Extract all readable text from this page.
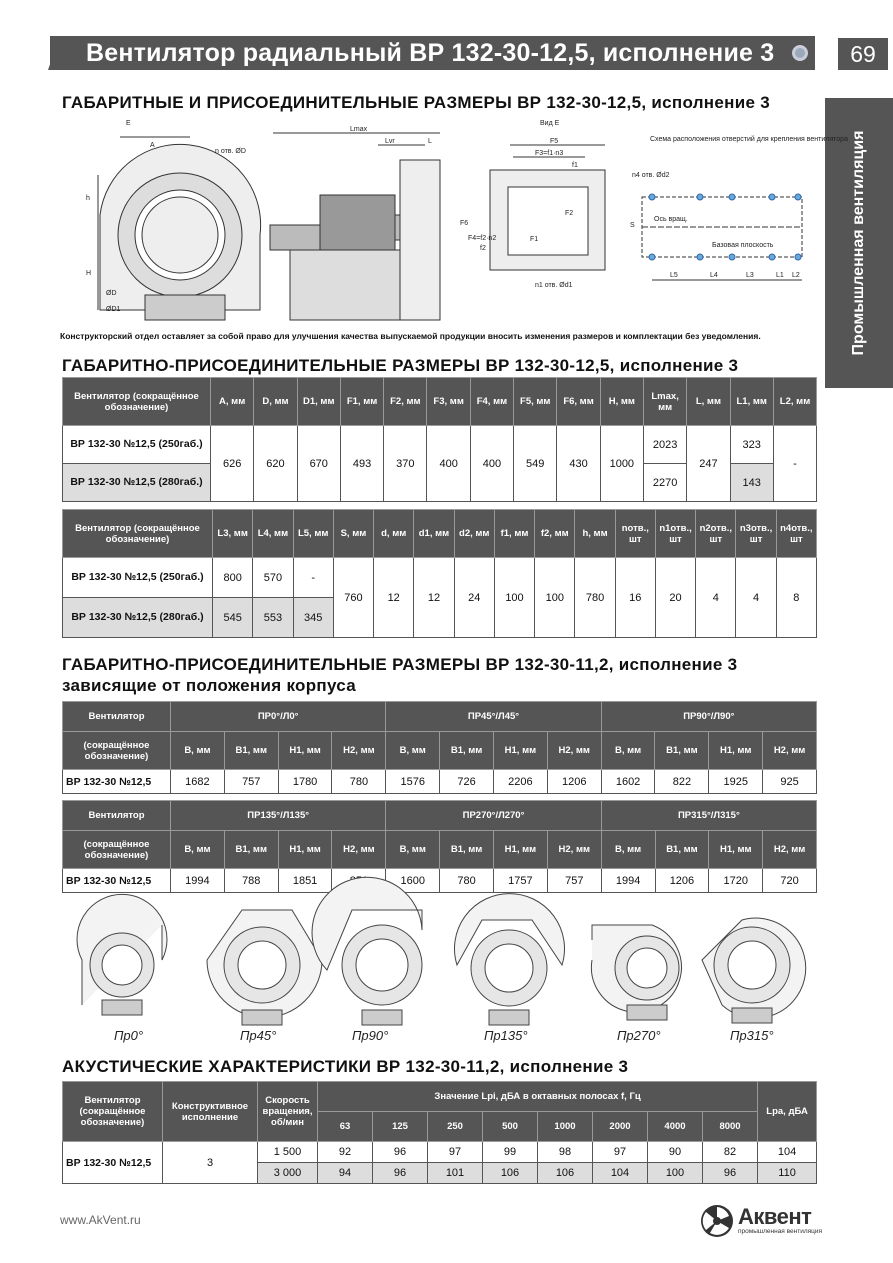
Вентилятор радиальный ВР 132-30-12,5, исполнение 3	69
Промышленная вентиляция
ГАБАРИТНЫЕ И ПРИСОЕДИНИТЕЛЬНЫЕ РАЗМЕРЫ ВР 132-30-12,5, исполнение 3
E
A
n отв. ØD
h
H
ØD
ØD1
Lmax
Lvr	L
Вид E
F5
F3=f1·n3
f1
F6
F4=f2·n2
f2
F2
F1
n1 отв. Ød1
Схема расположения отверстий для крепления вентилятора
n4 отв. Ød2
S
Ось вращ.
Базовая плоскость
L5	L4	L3	L1 L2
Конструкторский отдел оставляет за собой право для улучшения качества выпускаемой продукции вносить изменения размеров и комплектации без уведомления.
ГАБАРИТНО-ПРИСОЕДИНИТЕЛЬНЫЕ РАЗМЕРЫ ВР 132-30-12,5, исполнение 3
Вентилятор (сокращённое обозначение)	A, мм	D, мм	D1, мм	F1, мм	F2, мм	F3, мм	F4, мм	F5, мм	F6, мм	H, мм	Lmax, мм	L, мм	L1, мм	L2, мм
ВР 132-30 №12,5 (250габ.)	626	620	670	493	370	400	400	549	430	1000	2023	247	323	-
ВР 132-30 №12,5 (280габ.)											2270		143	
Вентилятор (сокращённое обозначение)	L3, мм	L4, мм	L5, мм	S, мм	d, мм	d1, мм	d2, мм	f1, мм	f2, мм	h, мм	nотв., шт	n1отв., шт	n2отв., шт	n3отв., шт	n4отв., шт
ВР 132-30 №12,5 (250габ.)	800	570	-	760	12	12	24	100	100	780	16	20	4	4	8
ВР 132-30 №12,5 (280габ.)	545	553	345												
ГАБАРИТНО-ПРИСОЕДИНИТЕЛЬНЫЕ РАЗМЕРЫ ВР 132-30-11,2, исполнение 3
зависящие от положения корпуса
Вентилятор	ПР0°/Л0°				ПР45°/Л45°				ПР90°/Л90°			
(сокращённое обозначение)	В, мм	В1, мм	Н1, мм	Н2, мм	В, мм	В1, мм	Н1, мм	Н2, мм	В, мм	В1, мм	Н1, мм	Н2, мм
ВР 132-30 №12,5	1682	757	1780	780	1576	726	2206	1206	1602	822	1925	925
Вентилятор	ПР135°/Л135°				ПР270°/Л270°				ПР315°/Л315°			
(сокращённое обозначение)	В, мм	В1, мм	Н1, мм	Н2, мм	В, мм	В1, мм	Н1, мм	Н2, мм	В, мм	В1, мм	Н1, мм	Н2, мм
ВР 132-30 №12,5	1994	788	1851		1600	780	1757	757	1994	1206	1720	720
Пр0°	Пр45°	Пр90°	Пр135°	Пр270°	Пр315°
АКУСТИЧЕСКИЕ ХАРАКТЕРИСТИКИ ВР 132-30-11,2, исполнение 3
Вентилятор (сокращённое обозначение)	Конструктивное исполнение	Скорость вращения, об/мин	Значение Lpi, дБА в октавных полосах f, Гц								Lpa, дБА
			63	125	250	500	1000	2000	4000	8000	
ВР 132-30 №12,5	3	1 500	92	96	97	99	98	97	90	82	104
		3 000	94	96	101	106	106	104	100	96	110
www.AkVent.ru	Аквент
промышленная вентиляция
